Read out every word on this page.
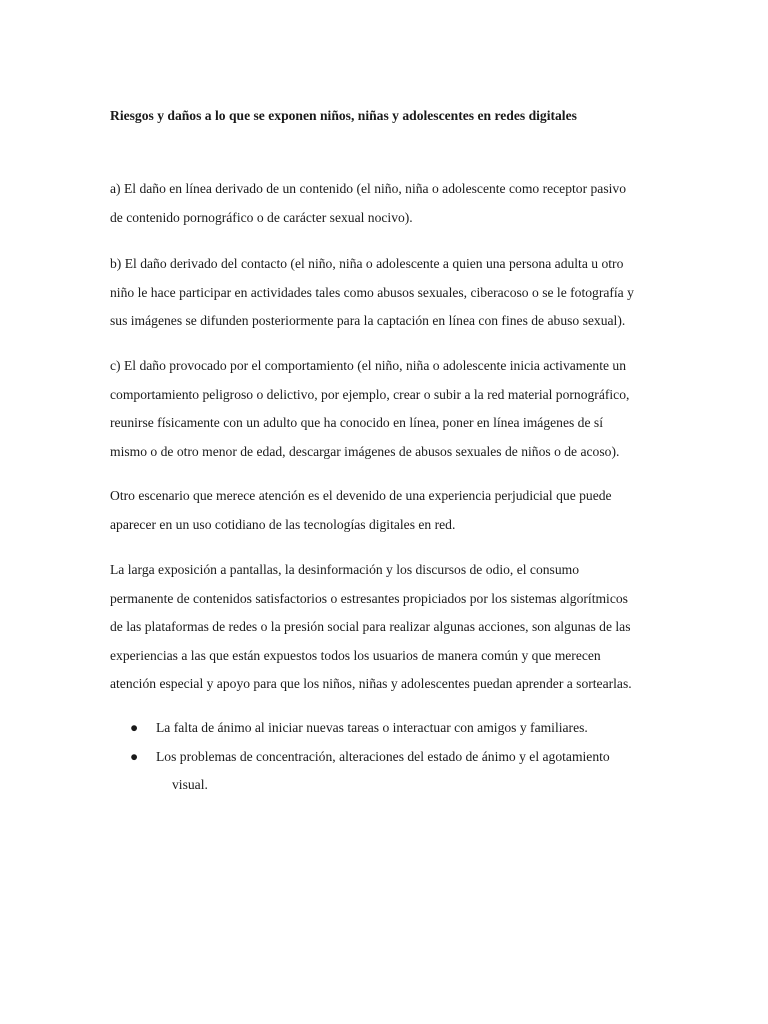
Riesgos y daños a lo que se exponen niños, niñas y adolescentes en redes digitales
a) El daño en línea derivado de un contenido (el niño, niña o adolescente como receptor pasivo
de contenido pornográfico o de carácter sexual nocivo).
b) El daño derivado del contacto (el niño, niña o adolescente a quien una persona adulta u otro
niño le hace participar en actividades tales como abusos sexuales, ciberacoso o se le fotografía y
sus imágenes se difunden posteriormente para la captación en línea con fines de abuso sexual).
c) El daño provocado por el comportamiento (el niño, niña o adolescente inicia activamente un
comportamiento peligroso o delictivo, por ejemplo, crear o subir a la red material pornográfico,
reunirse físicamente con un adulto que ha conocido en línea, poner en línea imágenes de sí
mismo o de otro menor de edad, descargar imágenes de abusos sexuales de niños o de acoso).
Otro escenario que merece atención es el devenido de una experiencia perjudicial que puede
aparecer en un uso cotidiano de las tecnologías digitales en red.
La larga exposición a pantallas, la desinformación y los discursos de odio, el consumo
permanente de contenidos satisfactorios o estresantes propiciados por los sistemas algorítmicos
de las plataformas de redes o la presión social para realizar algunas acciones, son algunas de las
experiencias a las que están expuestos todos los usuarios de manera común y que merecen
atención especial y apoyo para que los niños, niñas y adolescentes puedan aprender a sortearlas.
● La falta de ánimo al iniciar nuevas tareas o interactuar con amigos y familiares.
● Los problemas de concentración, alteraciones del estado de ánimo y el agotamiento
visual.
